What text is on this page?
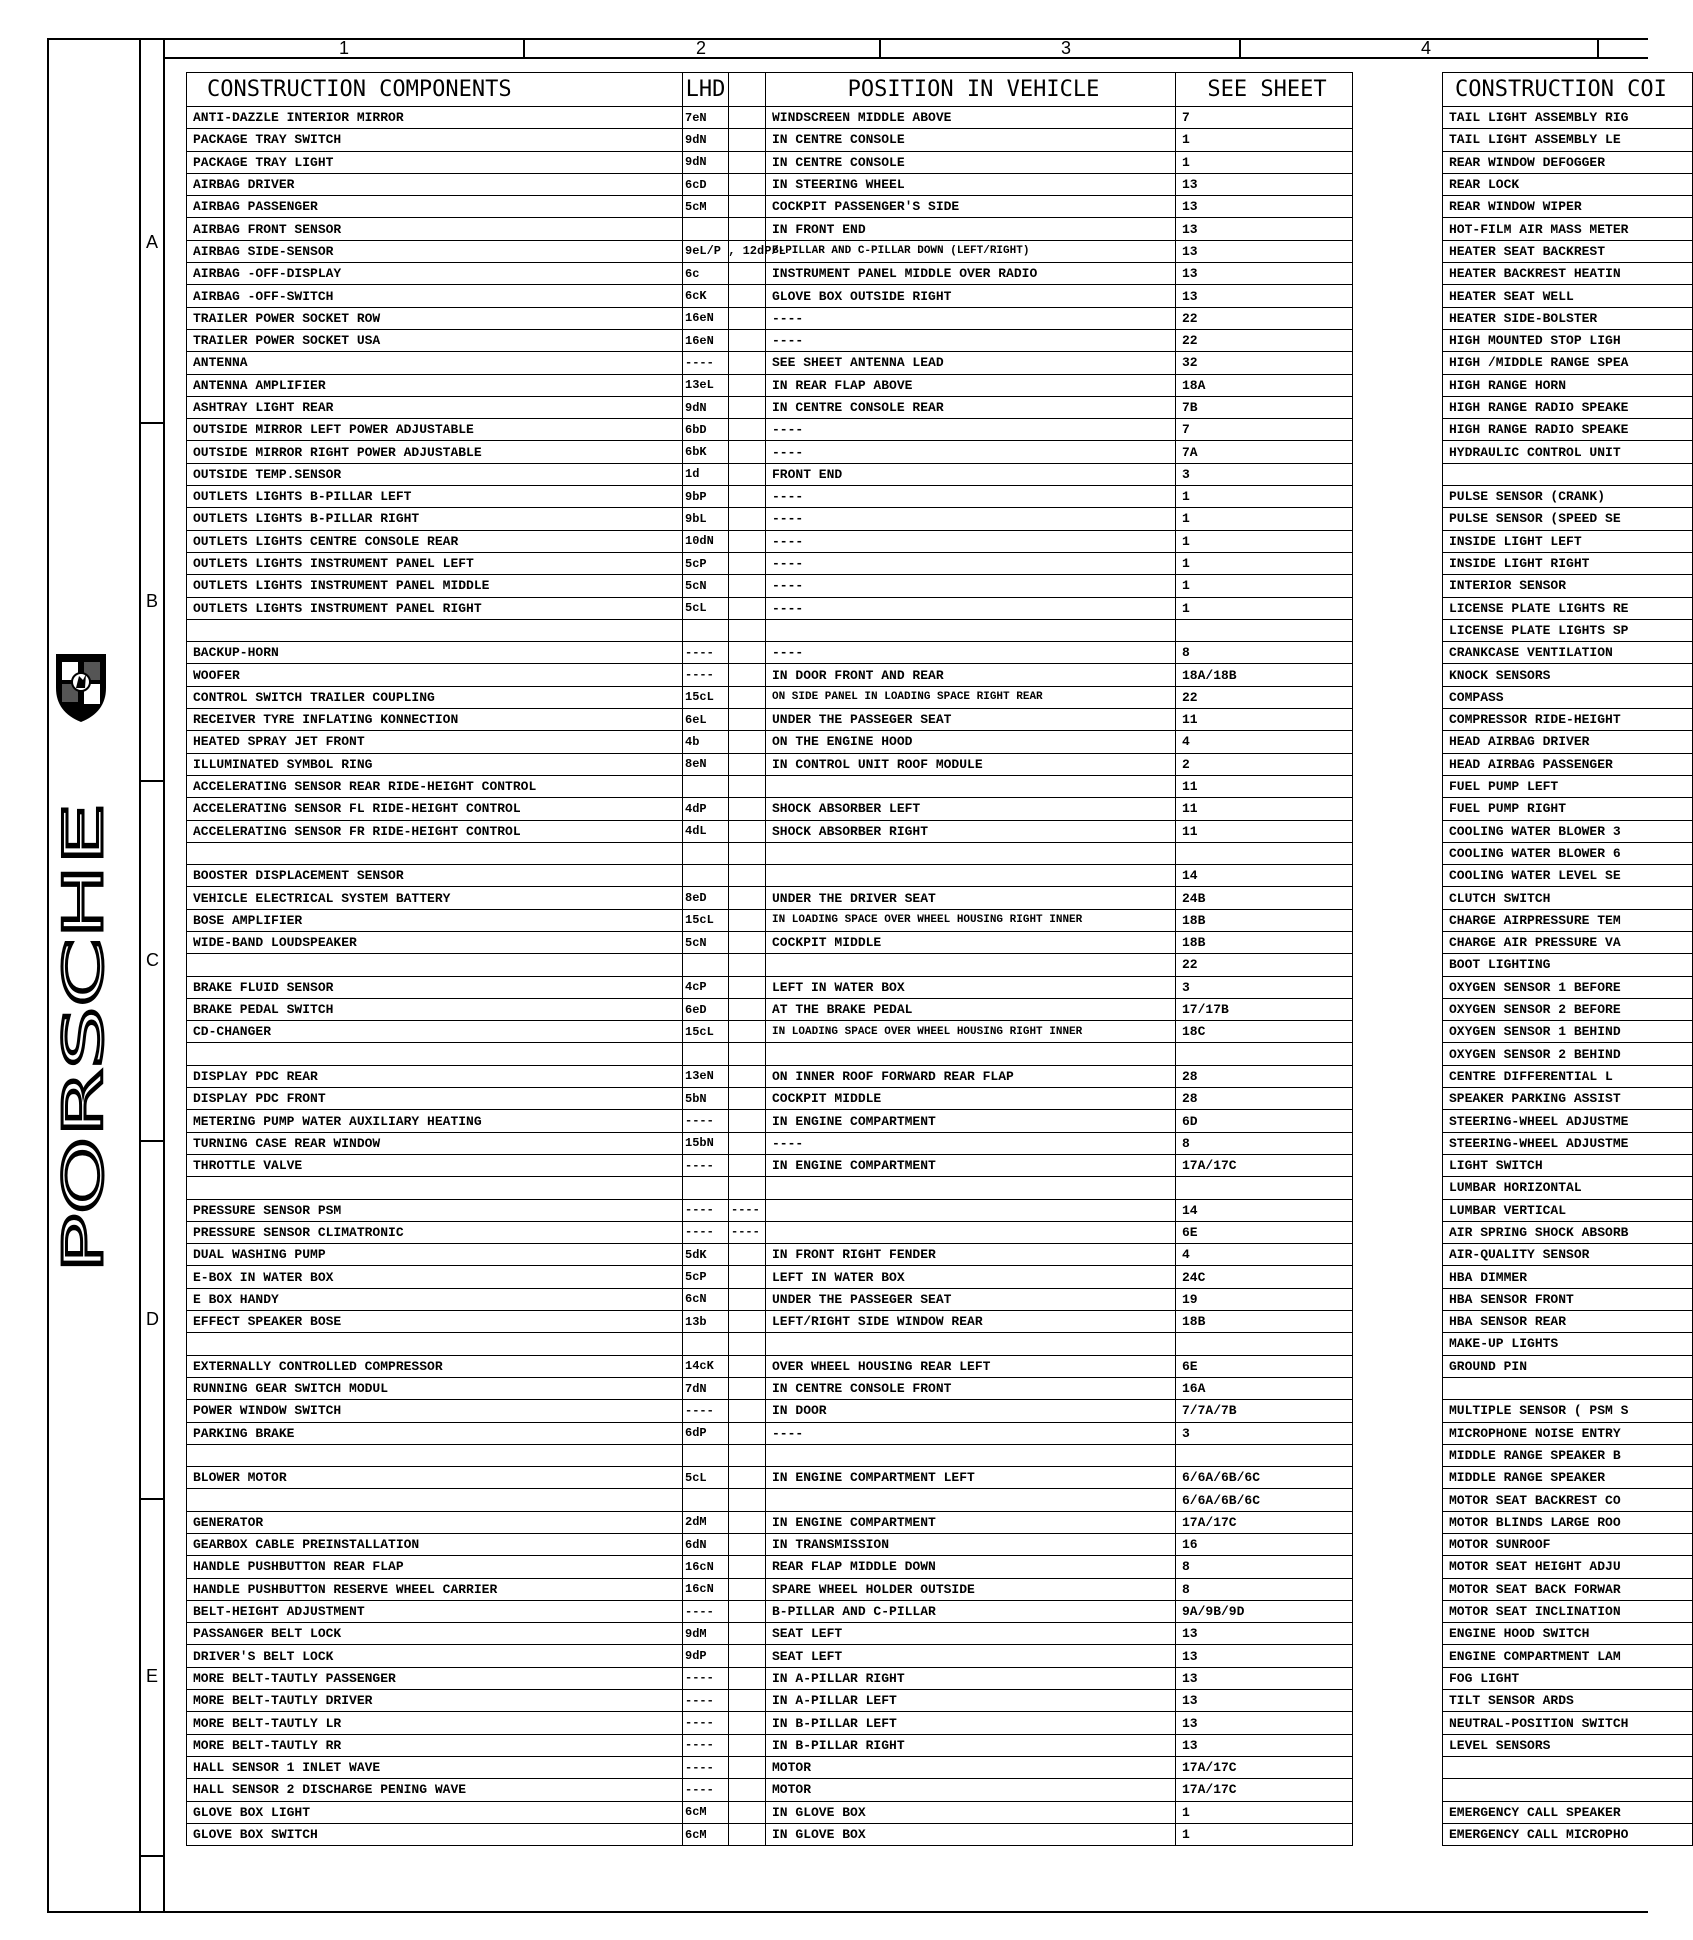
1	2	3	4
A
B
C
D
E
PORSCHE
CONSTRUCTION COMPONENTS	LHD		POSITION IN VEHICLE	SEE SHEET
ANTI-DAZZLE INTERIOR MIRROR	7eN		WINDSCREEN MIDDLE ABOVE	7
PACKAGE TRAY SWITCH	9dN		IN CENTRE CONSOLE	1
PACKAGE TRAY LIGHT	9dN		IN CENTRE CONSOLE	1
AIRBAG DRIVER	6cD		IN STEERING WHEEL	13
AIRBAG PASSENGER	5cM		COCKPIT PASSENGER'S SIDE	13
AIRBAG FRONT SENSOR			IN FRONT END	13
AIRBAG SIDE-SENSOR	9eL/P , 12dP/L		B-PILLAR AND C-PILLAR DOWN (LEFT/RIGHT)	13
AIRBAG -OFF-DISPLAY	6c		INSTRUMENT PANEL MIDDLE OVER RADIO	13
AIRBAG -OFF-SWITCH	6cK		GLOVE BOX OUTSIDE RIGHT	13
TRAILER POWER SOCKET ROW	16eN		----	22
TRAILER POWER SOCKET USA	16eN		----	22
ANTENNA	----		SEE SHEET ANTENNA LEAD	32
ANTENNA AMPLIFIER	13eL		IN REAR FLAP ABOVE	18A
ASHTRAY LIGHT REAR	9dN		IN CENTRE CONSOLE REAR	7B
OUTSIDE MIRROR LEFT POWER ADJUSTABLE	6bD		----	7
OUTSIDE MIRROR RIGHT POWER ADJUSTABLE	6bK		----	7A
OUTSIDE TEMP.SENSOR	1d		FRONT END	3
OUTLETS LIGHTS B-PILLAR LEFT	9bP		----	1
OUTLETS LIGHTS B-PILLAR RIGHT	9bL		----	1
OUTLETS LIGHTS CENTRE CONSOLE REAR	10dN		----	1
OUTLETS LIGHTS INSTRUMENT PANEL LEFT	5cP		----	1
OUTLETS LIGHTS INSTRUMENT PANEL MIDDLE	5cN		----	1
OUTLETS LIGHTS INSTRUMENT PANEL RIGHT	5cL		----	1

BACKUP-HORN	----		----	8
WOOFER	----		IN DOOR FRONT AND REAR	18A/18B
CONTROL SWITCH TRAILER COUPLING	15cL		ON SIDE PANEL IN LOADING SPACE RIGHT REAR	22
RECEIVER TYRE INFLATING KONNECTION	6eL		UNDER THE PASSEGER SEAT	11
HEATED SPRAY JET FRONT	4b		ON THE ENGINE HOOD	4
ILLUMINATED SYMBOL RING	8eN		IN CONTROL UNIT ROOF MODULE	2
ACCELERATING SENSOR REAR RIDE-HEIGHT CONTROL				11
ACCELERATING SENSOR FL RIDE-HEIGHT CONTROL	4dP		SHOCK ABSORBER LEFT	11
ACCELERATING SENSOR FR RIDE-HEIGHT CONTROL	4dL		SHOCK ABSORBER RIGHT	11

BOOSTER DISPLACEMENT SENSOR				14
VEHICLE ELECTRICAL SYSTEM BATTERY	8eD		UNDER THE DRIVER SEAT	24B
BOSE AMPLIFIER	15cL		IN LOADING SPACE OVER WHEEL HOUSING RIGHT INNER	18B
WIDE-BAND LOUDSPEAKER	5cN		COCKPIT MIDDLE	18B
				22
BRAKE FLUID SENSOR	4cP		LEFT IN WATER BOX	3
BRAKE PEDAL SWITCH	6eD		AT THE BRAKE PEDAL	17/17B
CD-CHANGER	15cL		IN LOADING SPACE OVER WHEEL HOUSING RIGHT INNER	18C

DISPLAY PDC REAR	13eN		ON INNER ROOF FORWARD REAR FLAP	28
DISPLAY PDC FRONT	5bN		COCKPIT MIDDLE	28
METERING PUMP WATER AUXILIARY HEATING	----		IN ENGINE COMPARTMENT	6D
TURNING CASE REAR WINDOW	15bN		----	8
THROTTLE VALVE	----		IN ENGINE COMPARTMENT	17A/17C

PRESSURE SENSOR PSM	----	----		14
PRESSURE SENSOR CLIMATRONIC	----	----		6E
DUAL WASHING PUMP	5dK		IN FRONT RIGHT FENDER	4
E-BOX IN WATER BOX	5cP		LEFT IN WATER BOX	24C
E BOX HANDY	6cN		UNDER THE PASSEGER SEAT	19
EFFECT SPEAKER BOSE	13b		LEFT/RIGHT SIDE WINDOW REAR	18B

EXTERNALLY CONTROLLED COMPRESSOR	14cK		OVER WHEEL HOUSING REAR LEFT	6E
RUNNING GEAR SWITCH MODUL	7dN		IN CENTRE CONSOLE FRONT	16A
POWER WINDOW SWITCH	----		IN DOOR	7/7A/7B
PARKING BRAKE	6dP		----	3

BLOWER MOTOR	5cL		IN ENGINE COMPARTMENT LEFT	6/6A/6B/6C
				6/6A/6B/6C
GENERATOR	2dM		IN ENGINE COMPARTMENT	17A/17C
GEARBOX CABLE PREINSTALLATION	6dN		IN TRANSMISSION	16
HANDLE PUSHBUTTON REAR FLAP	16cN		REAR FLAP MIDDLE DOWN	8
HANDLE PUSHBUTTON RESERVE WHEEL CARRIER	16cN		SPARE WHEEL HOLDER OUTSIDE	8
BELT-HEIGHT ADJUSTMENT	----		B-PILLAR AND C-PILLAR	9A/9B/9D
PASSANGER BELT LOCK	9dM		SEAT LEFT	13
DRIVER'S BELT LOCK	9dP		SEAT LEFT	13
MORE BELT-TAUTLY PASSENGER	----		IN A-PILLAR RIGHT	13
MORE BELT-TAUTLY DRIVER	----		IN A-PILLAR LEFT	13
MORE BELT-TAUTLY LR	----		IN B-PILLAR LEFT	13
MORE BELT-TAUTLY RR	----		IN B-PILLAR RIGHT	13
HALL SENSOR 1 INLET WAVE	----		MOTOR	17A/17C
HALL SENSOR 2 DISCHARGE PENING WAVE	----		MOTOR	17A/17C
GLOVE BOX LIGHT	6cM		IN GLOVE BOX	1
GLOVE BOX SWITCH	6cM		IN GLOVE BOX	1
CONSTRUCTION COI
TAIL LIGHT ASSEMBLY RIG
TAIL LIGHT ASSEMBLY LE
REAR WINDOW DEFOGGER
REAR LOCK
REAR WINDOW WIPER
HOT-FILM AIR MASS METER
HEATER SEAT BACKREST
HEATER BACKREST HEATIN
HEATER SEAT WELL
HEATER SIDE-BOLSTER
HIGH MOUNTED STOP LIGH
HIGH /MIDDLE RANGE SPEA
HIGH RANGE HORN
HIGH RANGE RADIO SPEAKE
HIGH RANGE RADIO SPEAKE
HYDRAULIC CONTROL UNIT

PULSE SENSOR (CRANK)
PULSE SENSOR (SPEED SE
INSIDE LIGHT LEFT
INSIDE LIGHT RIGHT
INTERIOR SENSOR
LICENSE PLATE LIGHTS RE
LICENSE PLATE LIGHTS SP
CRANKCASE VENTILATION
KNOCK SENSORS
COMPASS
COMPRESSOR RIDE-HEIGHT
HEAD AIRBAG DRIVER
HEAD AIRBAG PASSENGER
FUEL PUMP LEFT
FUEL PUMP RIGHT
COOLING WATER BLOWER 3
COOLING WATER BLOWER 6
COOLING WATER LEVEL SE
CLUTCH SWITCH
CHARGE AIRPRESSURE TEM
CHARGE AIR PRESSURE VA
BOOT LIGHTING
OXYGEN SENSOR 1 BEFORE
OXYGEN SENSOR 2 BEFORE
OXYGEN SENSOR 1 BEHIND
OXYGEN SENSOR 2 BEHIND
CENTRE DIFFERENTIAL L
SPEAKER PARKING ASSIST
STEERING-WHEEL ADJUSTME
STEERING-WHEEL ADJUSTME
LIGHT SWITCH
LUMBAR HORIZONTAL
LUMBAR VERTICAL
AIR SPRING SHOCK ABSORB
AIR-QUALITY SENSOR
HBA DIMMER
HBA SENSOR FRONT
HBA SENSOR REAR
MAKE-UP LIGHTS
GROUND PIN

MULTIPLE SENSOR ( PSM S
MICROPHONE NOISE ENTRY
MIDDLE RANGE SPEAKER B
MIDDLE RANGE SPEAKER
MOTOR SEAT BACKREST CO
MOTOR BLINDS LARGE ROO
MOTOR SUNROOF
MOTOR SEAT HEIGHT ADJU
MOTOR SEAT BACK FORWAR
MOTOR SEAT INCLINATION
ENGINE HOOD SWITCH
ENGINE COMPARTMENT LAM
FOG LIGHT
TILT SENSOR ARDS
NEUTRAL-POSITION SWITCH
LEVEL SENSORS

EMERGENCY CALL SPEAKER
EMERGENCY CALL MICROPHO
